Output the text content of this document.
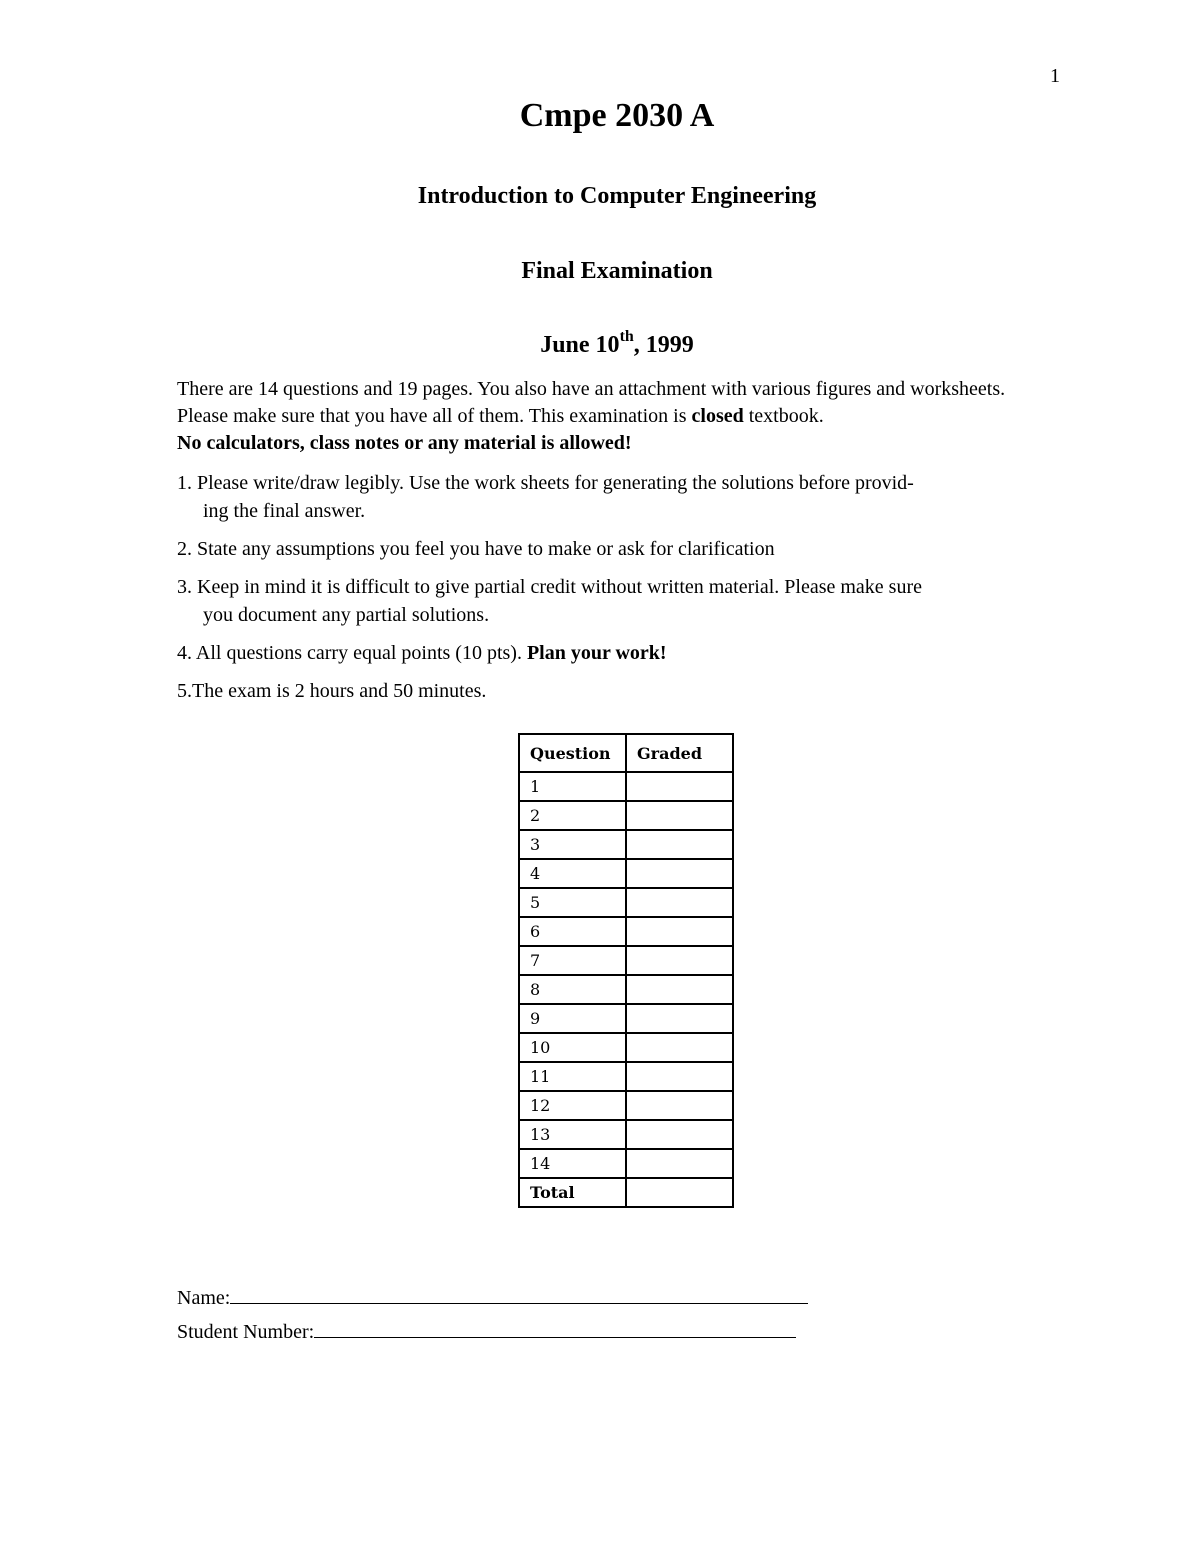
1
Cmpe 2030 A
Introduction to Computer Engineering
Final Examination
June 10th, 1999
There are 14 questions and 19 pages. You also have an attachment with various figures and worksheets. Please make sure that you have all of them. This examination is closed textbook.
No calculators, class notes or any material is allowed!
1. Please write/draw legibly. Use the work sheets for generating the solutions before provid-
ing the final answer.
2. State any assumptions you feel you have to make or ask for clarification
3. Keep in mind it is difficult to give partial credit without written material. Please make sure
you document any partial solutions.
4. All questions carry equal points (10 pts). Plan your work!
5.The exam is 2 hours and 50 minutes.
Question	Graded
1	
2	
3	
4	
5	
6	
7	
8	
9	
10	
11	
12	
13	
14	
Total	
Name:
Student Number:
